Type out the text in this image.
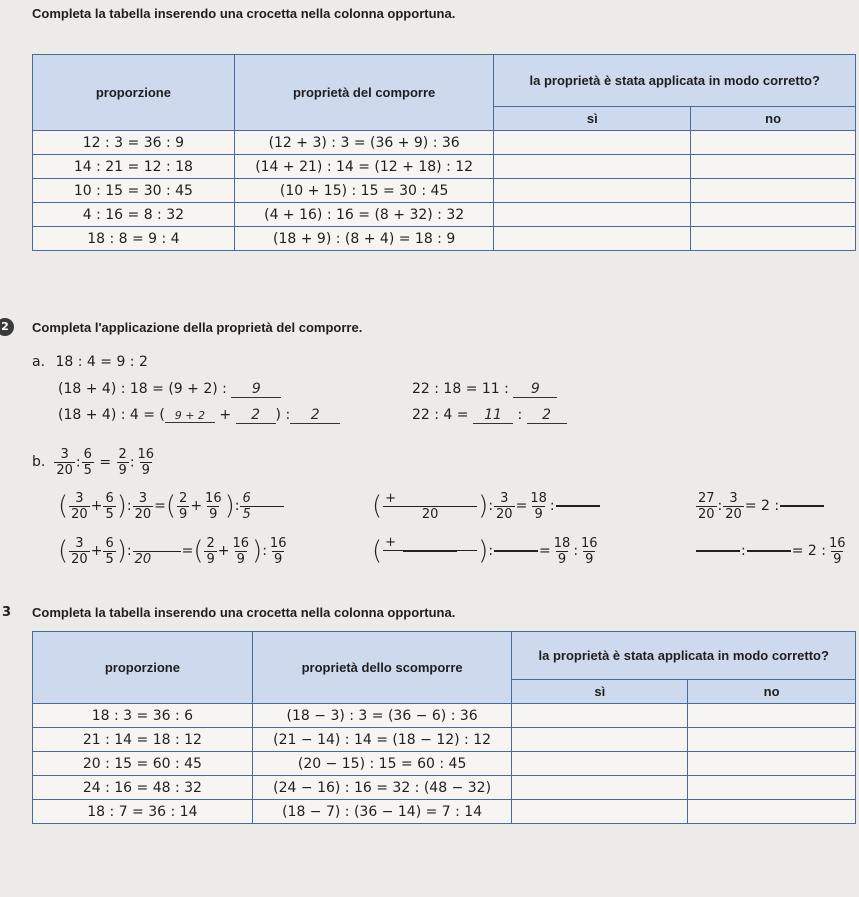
Completa la tabella inserendo una crocetta nella colonna opportuna.
proporzione	proprietà del comporre	la proprietà è stata applicata in modo corretto?	
		sì	no
12 : 3 = 36 : 9	(12 + 3) : 3 = (36 + 9) : 36		
14 : 21 = 12 : 18	(14 + 21) : 14 = (12 + 18) : 12		
10 : 15 = 30 : 45	(10 + 15) : 15 = 30 : 45		
4 : 16 = 8 : 32	(4 + 16) : 16 = (8 + 32) : 32		
18 : 8 = 9 : 4	(18 + 9) : (8 + 4) = 18 : 9		
2	Completa l'applicazione della proprietà del comporre.
a. 18 : 4 = 9 : 2
(18 + 4) : 18 = (9 + 2) : 9	22 : 18 = 11 : 9
(18 + 4) : 4 = ( 9 + 2 + 2 ) : 2	22 : 4 = 11 : 2
b. $\frac{3}{20}$ : $\frac{6}{5} = \frac{2}{9}$ : $\frac{16}{9}$
( $\frac{3}{20} + \frac{6}{5}$ ) : $\frac{3}{20}$ = ( $\frac{2}{9} + \frac{16}{9}$ ) : $\frac{6}{5}$	( $\frac{+}{20}$ ) : $\frac{3}{20} = \frac{18}{9}$ :

	$\frac{27}{20}$ : $\frac{3}{20} = 2$ :

( $\frac{3}{20} + \frac{6}{5}$ ) :
20	= ( $\frac{2}{9} + \frac{16}{9}$ ) : $\frac{16}{9}$	( +
	) :

	= $\frac{18}{9}$ : $\frac{16}{9}$

	:

	= 2 : $\frac{16}{9}$
3 Completa la tabella inserendo una crocetta nella colonna opportuna.
proporzione	proprietà dello scomporre	la proprietà è stata applicata in modo corretto?	
		sì	no
18 : 3 = 36 : 6	(18 − 3) : 3 = (36 − 6) : 36		
21 : 14 = 18 : 12	(21 − 14) : 14 = (18 − 12) : 12		
20 : 15 = 60 : 45	(20 − 15) : 15 = 60 : 45		
24 : 16 = 48 : 32	(24 − 16) : 16 = 32 : (48 − 32)		
18 : 7 = 36 : 14	(18 − 7) : (36 − 14) = 7 : 14		
